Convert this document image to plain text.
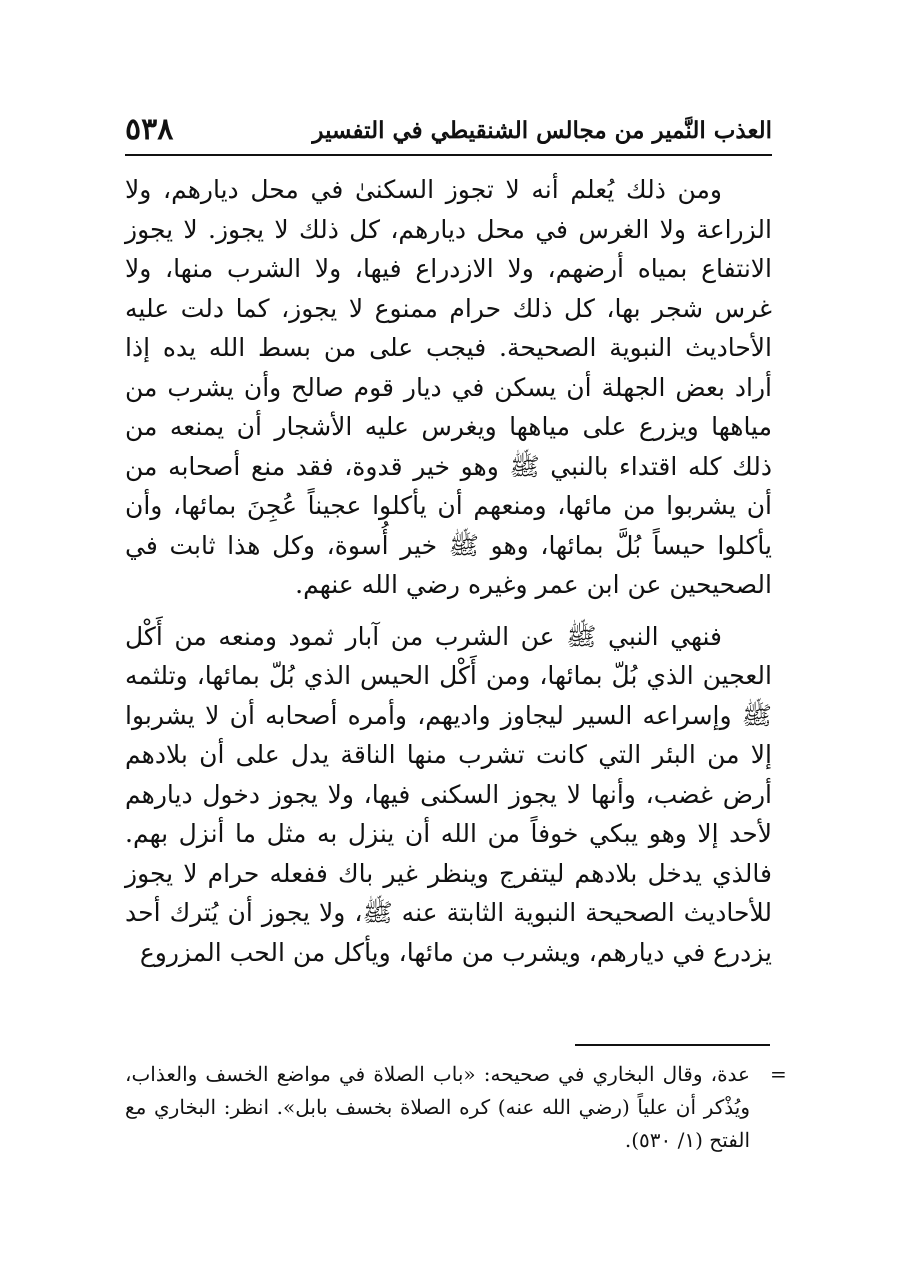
٥٣٨	العذب النَّمير من مجالس الشنقيطي في التفسير

ومن ذلك يُعلم أنه لا تجوز السكنىٰ في محل ديارهم، ولا الزراعة ولا الغرس في محل ديارهم، كل ذلك لا يجوز. لا يجوز الانتفاع بمياه أرضهم، ولا الازدراع فيها، ولا الشرب منها، ولا غرس شجر بها، كل ذلك حرام ممنوع لا يجوز، كما دلت عليه الأحاديث النبوية الصحيحة. فيجب على من بسط الله يده إذا أراد بعض الجهلة أن يسكن في ديار قوم صالح وأن يشرب من مياهها ويزرع على مياهها ويغرس عليه الأشجار أن يمنعه من ذلك كله اقتداء بالنبي ﷺ وهو خير قدوة، فقد منع أصحابه من أن يشربوا من مائها، ومنعهم أن يأكلوا عجيناً عُجِنَ بمائها، وأن يأكلوا حيساً بُلَّ بمائها، وهو ﷺ خير أُسوة، وكل هذا ثابت في الصحيحين عن ابن عمر وغيره رضي الله عنهم.

فنهي النبي ﷺ عن الشرب من آبار ثمود ومنعه من أَكْل العجين الذي بُلّ بمائها، ومن أَكْل الحيس الذي بُلّ بمائها، وتلثمه ﷺ وإسراعه السير ليجاوز واديهم، وأمره أصحابه أن لا يشربوا إلا من البئر التي كانت تشرب منها الناقة يدل على أن بلادهم أرض غضب، وأنها لا يجوز السكنى فيها، ولا يجوز دخول ديارهم لأحد إلا وهو يبكي خوفاً من الله أن ينزل به مثل ما أنزل بهم. فالذي يدخل بلادهم ليتفرج وينظر غير باك ففعله حرام لا يجوز للأحاديث الصحيحة النبوية الثابتة عنه ﷺ، ولا يجوز أن يُترك أحد يزدرع في ديارهم، ويشرب من مائها، ويأكل من الحب المزروع

=
عدة، وقال البخاري في صحيحه: «باب الصلاة في مواضع الخسف والعذاب، ويُذْكر أن علياً (رضي الله عنه) كره الصلاة بخسف بابل». انظر: البخاري مع الفتح (١/ ٥٣٠).
